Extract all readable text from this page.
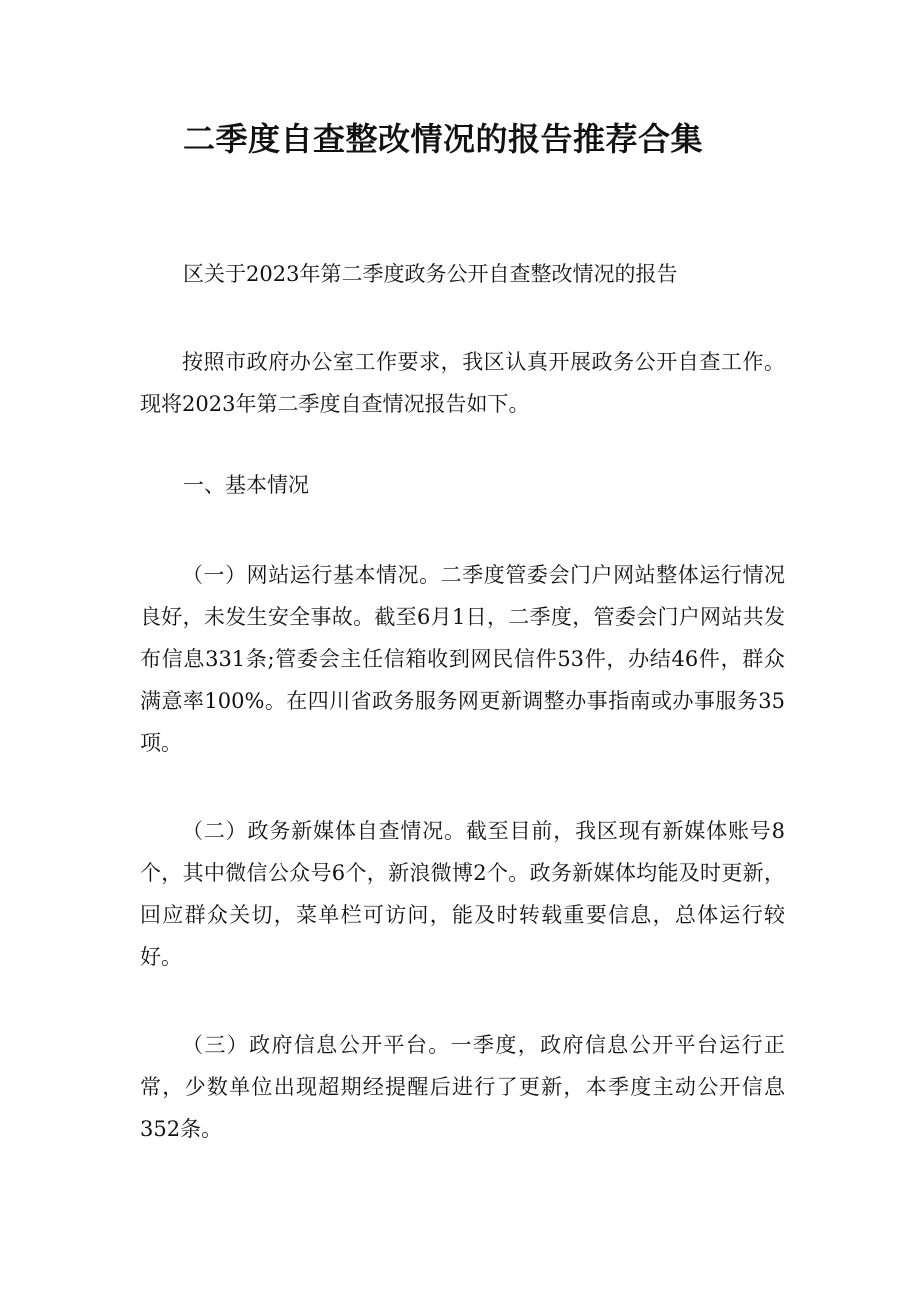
二季度自查整改情况的报告推荐合集

区关于2023年第二季度政务公开自查整改情况的报告

按照市政府办公室工作要求，我区认真开展政务公开自查工作。现将2023年第二季度自查情况报告如下。

一、基本情况

（一）网站运行基本情况。二季度管委会门户网站整体运行情况良好，未发生安全事故。截至6月1日，二季度，管委会门户网站共发布信息331条;管委会主任信箱收到网民信件53件，办结46件，群众满意率100%。在四川省政务服务网更新调整办事指南或办事服务35项。

（二）政务新媒体自查情况。截至目前，我区现有新媒体账号8个，其中微信公众号6个，新浪微博2个。政务新媒体均能及时更新，回应群众关切，菜单栏可访问，能及时转载重要信息，总体运行较好。

（三）政府信息公开平台。一季度，政府信息公开平台运行正常，少数单位出现超期经提醒后进行了更新，本季度主动公开信息352条。
